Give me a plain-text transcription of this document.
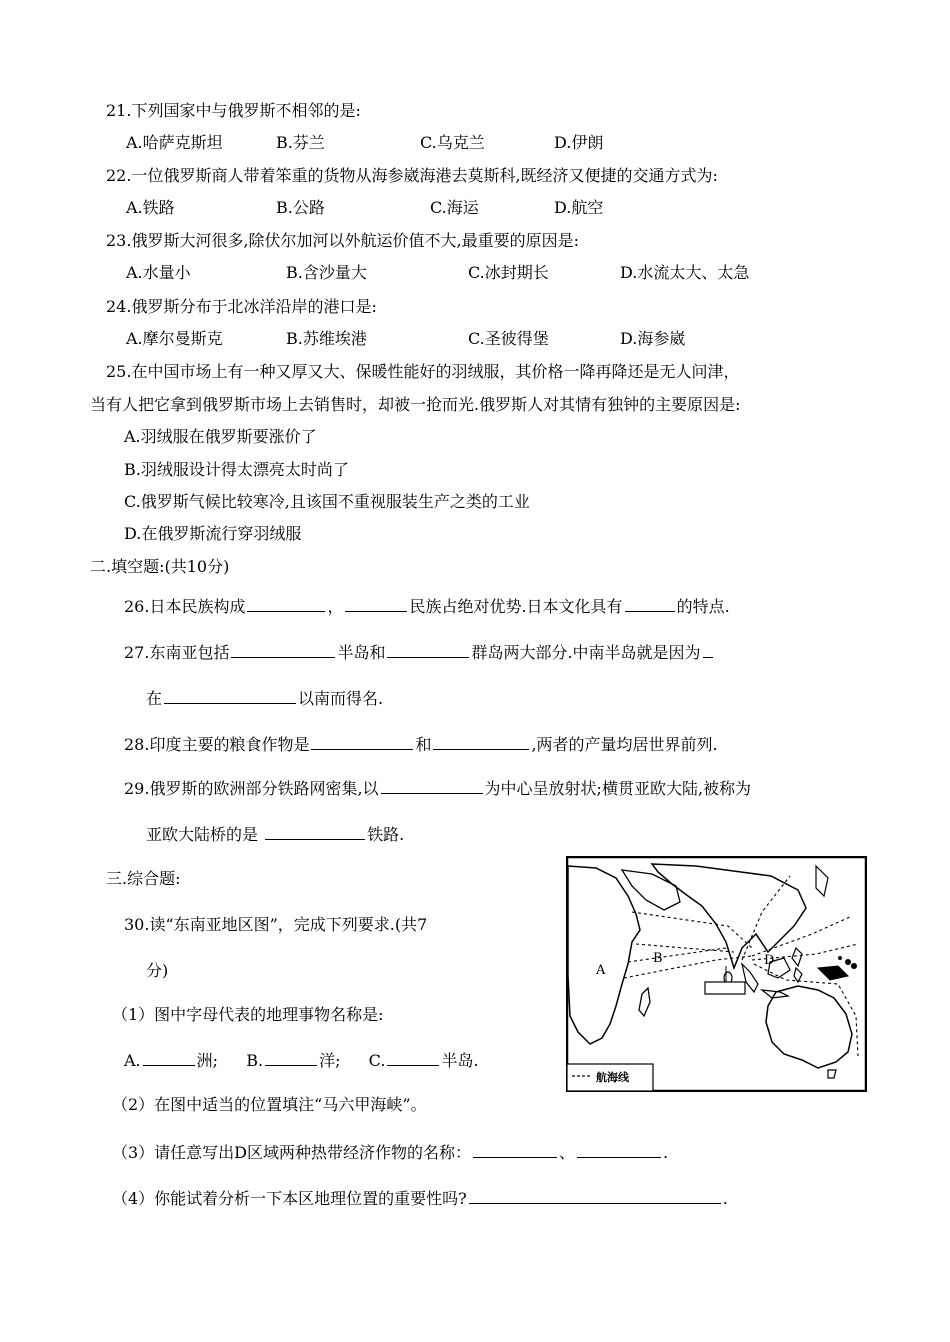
21.下列国家中与俄罗斯不相邻的是:
A.哈萨克斯坦	B.芬兰	C.乌克兰	D.伊朗
22.一位俄罗斯商人带着笨重的货物从海参崴海港去莫斯科,既经济又便捷的交通方式为:
A.铁路	B.公路	C.海运	D.航空
23.俄罗斯大河很多,除伏尔加河以外航运价值不大,最重要的原因是:
A.水量小	B.含沙量大	C.冰封期长	D.水流太大、太急
24.俄罗斯分布于北冰洋沿岸的港口是:
A.摩尔曼斯克	B.苏维埃港	C.圣彼得堡	D.海参崴
25.在中国市场上有一种又厚又大、保暖性能好的羽绒服，其价格一降再降还是无人问津，
当有人把它拿到俄罗斯市场上去销售时，却被一抢而光.俄罗斯人对其情有独钟的主要原因是:
A.羽绒服在俄罗斯要涨价了
B.羽绒服设计得太漂亮太时尚了
C.俄罗斯气候比较寒冷,且该国不重视服装生产之类的工业
D.在俄罗斯流行穿羽绒服
二.填空题:(共10分)
26.日本民族构成	，	民族占绝对优势.日本文化具有	的特点.
27.东南亚包括	半岛和	群岛两大部分.中南半岛就是因为
在	以南而得名.
28.印度主要的粮食作物是	和	,两者的产量均居世界前列.
29.俄罗斯的欧洲部分铁路网密集,以	为中心呈放射状;横贯亚欧大陆,被称为
亚欧大陆桥的是	铁路.
三.综合题:
30.读“东南亚地区图”，完成下列要求.(共7
分)
（1）图中字母代表的地理事物名称是:
A.	洲; B.	洋; C.	半岛.
（2）在图中适当的位置填注“马六甲海峡”。
（3）请任意写出D区域两种热带经济作物的名称：	、	.
（4）你能试着分析一下本区地理位置的重要性吗?	.
A
B	D
航海线
